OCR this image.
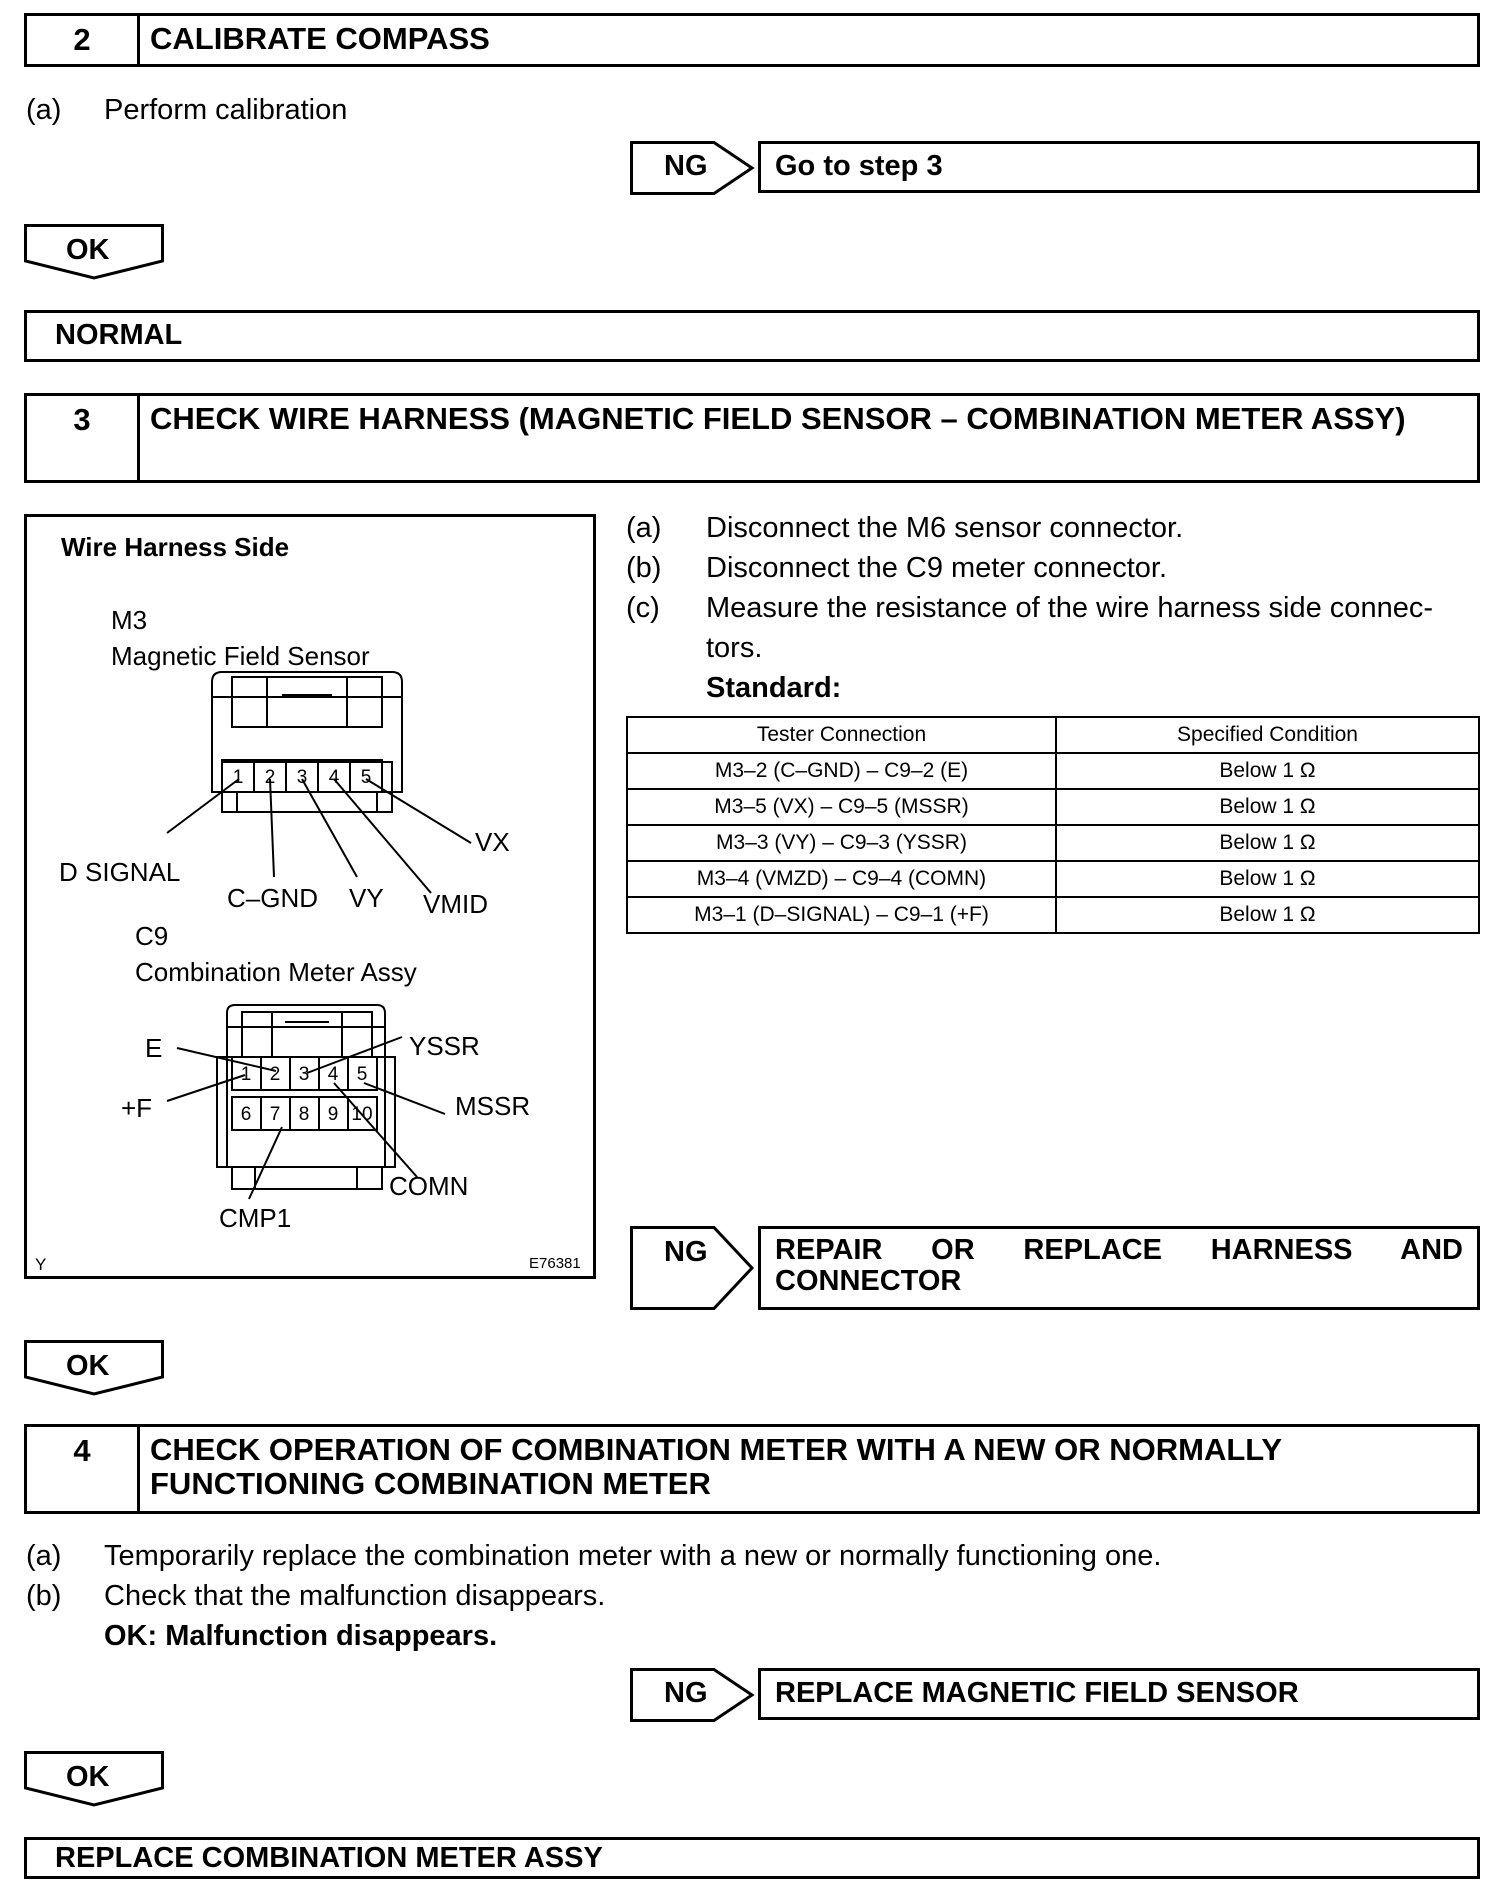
2	CALIBRATE COMPASS
(a) Perform calibration
NG	Go to step 3
OK
NORMAL
3	CHECK WIRE HARNESS (MAGNETIC FIELD SENSOR – COMBINATION METER ASSY)
Wire Harness Side
M3
Magnetic Field Sensor
1 2 3 4 5
1 2 3 4 5
6 7 8 9 10
VX
D SIGNAL
C–GND VY VMID
C9
Combination Meter Assy
E	YSSR
+F	MSSR
COMN
CMP1
Y	E76381
(a) Disconnect the M6 sensor connector.
(b) Disconnect the C9 meter connector.
(c) Measure the resistance of the wire harness side connec-
tors.
Standard:
Tester Connection	Specified Condition
M3–2 (C–GND) – C9–2 (E)	Below 1 Ω
M3–5 (VX) – C9–5 (MSSR)	Below 1 Ω
M3–3 (VY) – C9–3 (YSSR)	Below 1 Ω
M3–4 (VMZD) – C9–4 (COMN)	Below 1 Ω
M3–1 (D–SIGNAL) – C9–1 (+F)	Below 1 Ω
NG REPAIR OR REPLACE HARNESS AND
CONNECTOR
OK
4	CHECK OPERATION OF COMBINATION METER WITH A NEW OR NORMALLY
FUNCTIONING COMBINATION METER
(a) Temporarily replace the combination meter with a new or normally functioning one.
(b) Check that the malfunction disappears.
OK: Malfunction disappears.
NG	REPLACE MAGNETIC FIELD SENSOR
OK
REPLACE COMBINATION METER ASSY
